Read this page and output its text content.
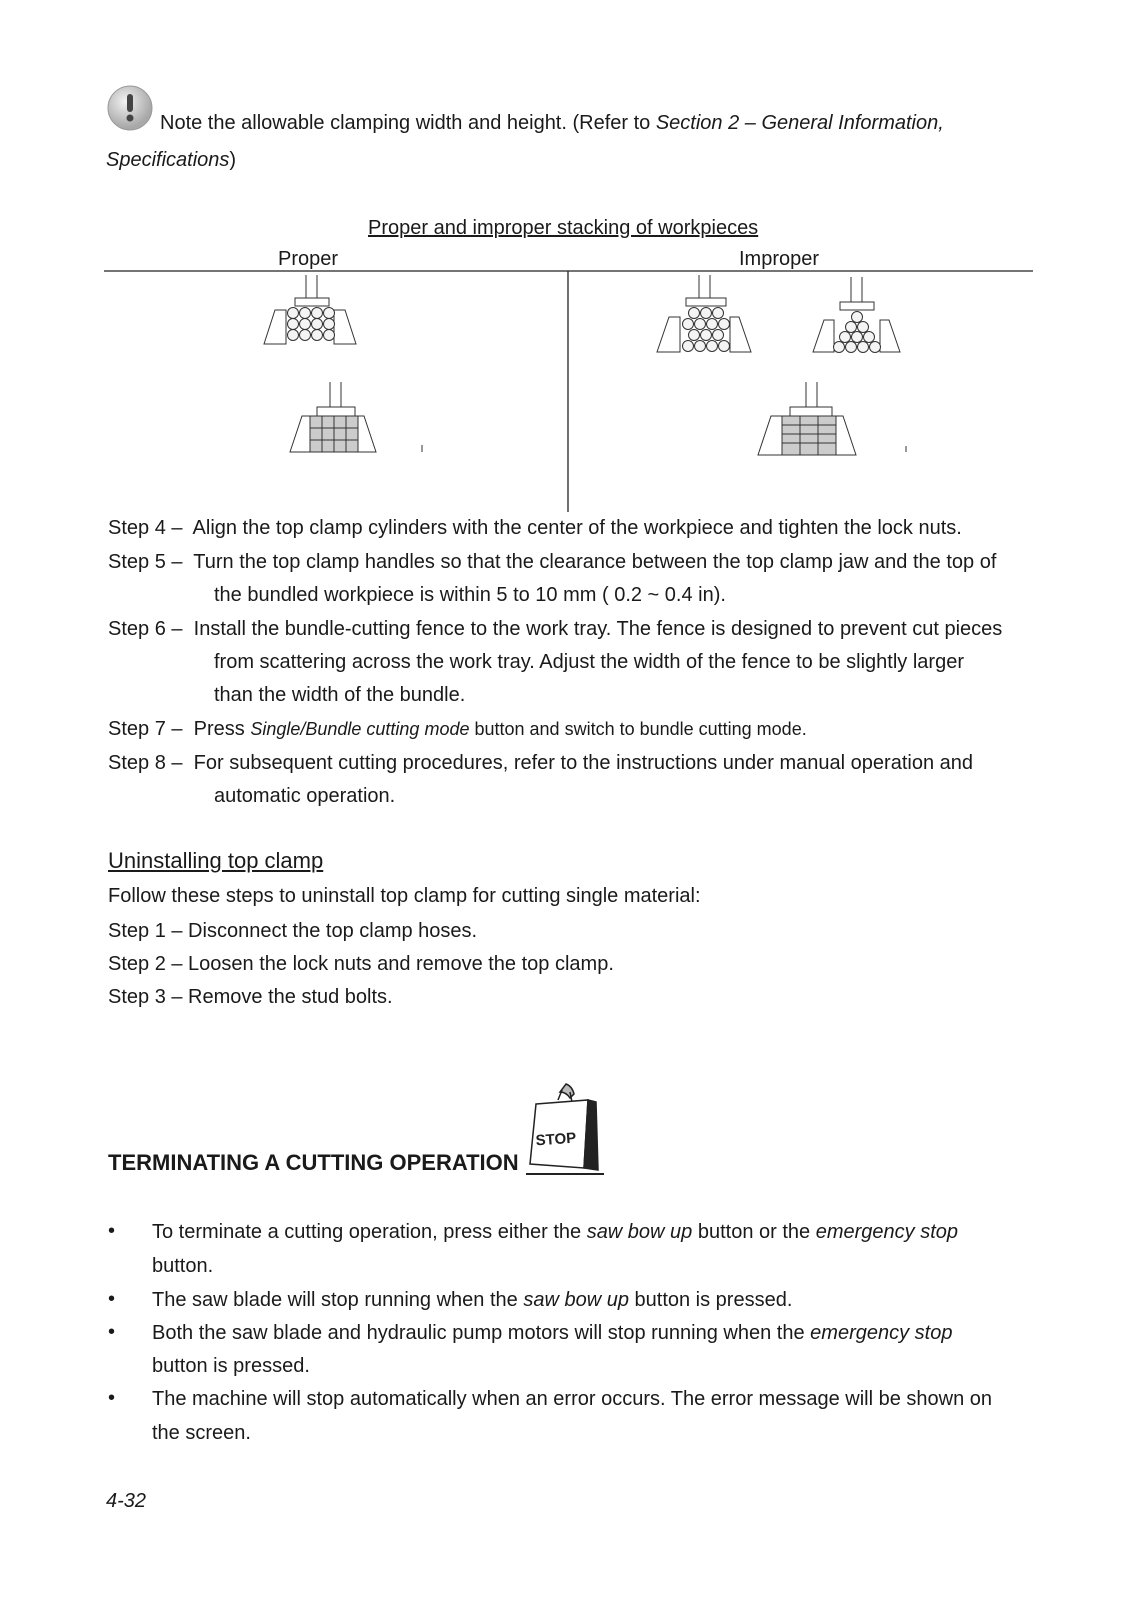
Note the allowable clamping width and height. (Refer to Section 2 – General Information,
Specifications)
Proper and improper stacking of workpieces
Proper	Improper
Step 4 – Align the top clamp cylinders with the center of the workpiece and tighten the lock nuts.
Step 5 – Turn the top clamp handles so that the clearance between the top clamp jaw and the top of
the bundled workpiece is within 5 to 10 mm ( 0.2 ~ 0.4 in).
Step 6 – Install the bundle-cutting fence to the work tray. The fence is designed to prevent cut pieces
from scattering across the work tray. Adjust the width of the fence to be slightly larger
than the width of the bundle.
Step 7 – Press Single/Bundle cutting mode button and switch to bundle cutting mode.
Step 8 – For subsequent cutting procedures, refer to the instructions under manual operation and
automatic operation.
Uninstalling top clamp
Follow these steps to uninstall top clamp for cutting single material:
Step 1 – Disconnect the top clamp hoses.
Step 2 – Loosen the lock nuts and remove the top clamp.
Step 3 – Remove the stud bolts.
TERMINATING A CUTTING OPERATION
STOP
• To terminate a cutting operation, press either the saw bow up button or the emergency stop
button.
• The saw blade will stop running when the saw bow up button is pressed.
• Both the saw blade and hydraulic pump motors will stop running when the emergency stop
button is pressed.
• The machine will stop automatically when an error occurs. The error message will be shown on
the screen.
4-32
